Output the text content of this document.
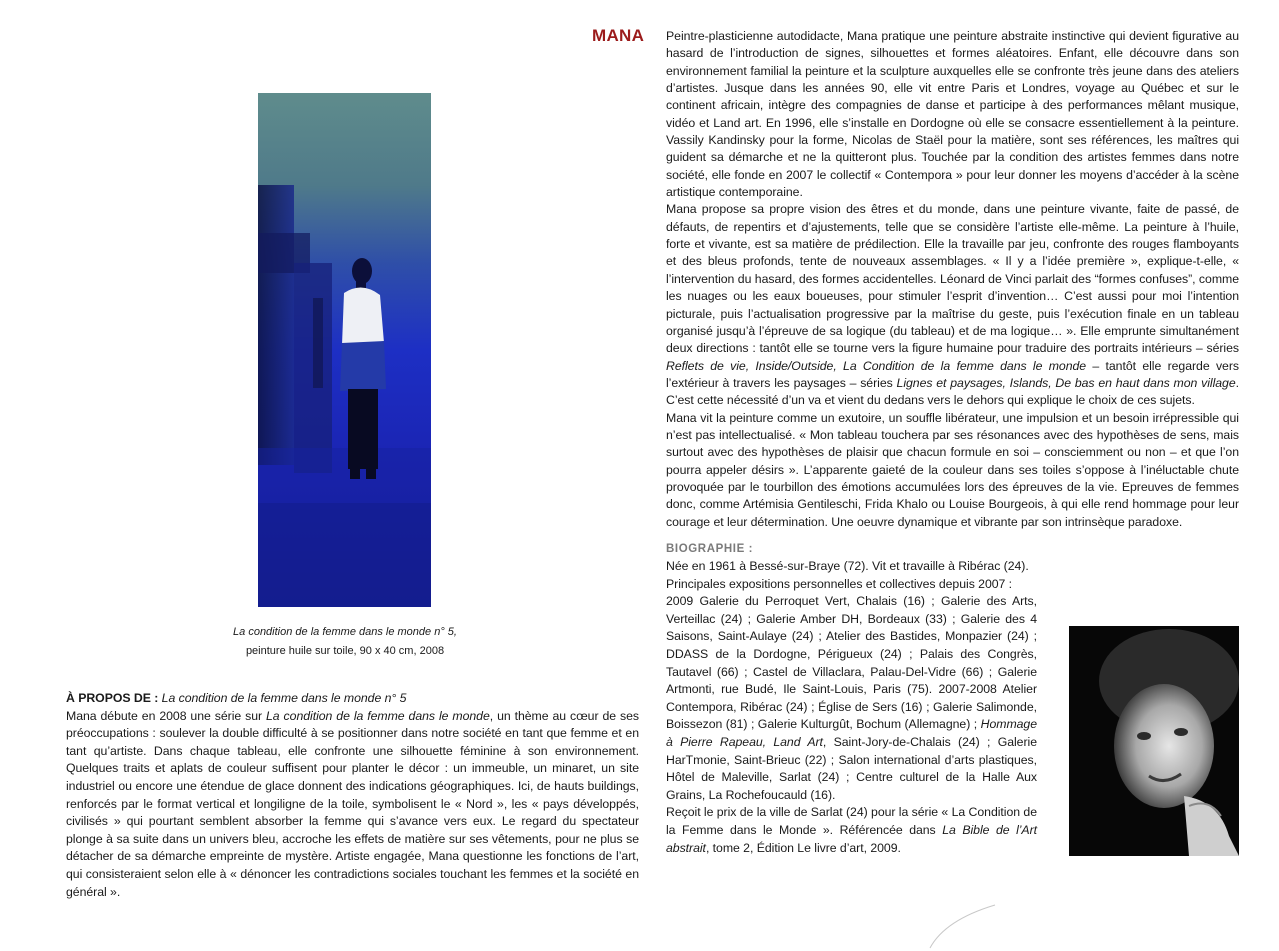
La condition de la femme dans le monde n° 5,
peinture huile sur toile, 90 x 40 cm, 2008
À PROPOS DE : La condition de la femme dans le monde n° 5
Mana débute en 2008 une série sur La condition de la femme dans le monde, un thème au cœur de ses préoccupations : soulever la double difficulté à se positionner dans notre société en tant que femme et en tant qu’artiste. Dans chaque tableau, elle confronte une silhouette féminine à son environnement. Quelques traits et aplats de couleur suffisent pour planter le décor : un immeuble, un minaret, un site industriel ou encore une étendue de glace donnent des indications géographiques. Ici, de hauts buildings, renforcés par le format vertical et longiligne de la toile, symbolisent le « Nord », les « pays développés, civilisés » qui pourtant semblent absorber la femme qui s’avance vers eux. Le regard du spectateur plonge à sa suite dans un univers bleu, accroche les effets de matière sur ses vêtements, pour ne plus se détacher de sa démarche empreinte de mystère. Artiste engagée, Mana questionne les fonctions de l’art, qui consisteraient selon elle à « dénoncer les contradictions sociales touchant les femmes et la société en général ».
MANA Peintre-plasticienne autodidacte, Mana pratique une peinture abstraite instinctive qui devient figurative au hasard de l’introduction de signes, silhouettes et formes aléatoires. Enfant, elle découvre dans son environnement familial la peinture et la sculpture auxquelles elle se confronte très jeune dans des ateliers d’artistes. Jusque dans les années 90, elle vit entre Paris et Londres, voyage au Québec et sur le continent africain, intègre des compagnies de danse et participe à des performances mêlant musique, vidéo et Land art. En 1996, elle s’installe en Dordogne où elle se consacre essentiellement à la peinture. Vassily Kandinsky pour la forme, Nicolas de Staël pour la matière, sont ses références, les maîtres qui guident sa démarche et ne la quitteront plus. Touchée par la condition des artistes femmes dans notre société, elle fonde en 2007 le collectif « Contempora » pour leur donner les moyens d’accéder à la scène artistique contemporaine.

Mana propose sa propre vision des êtres et du monde, dans une peinture vivante, faite de passé, de défauts, de repentirs et d’ajustements, telle que se considère l’artiste elle-même. La peinture à l’huile, forte et vivante, est sa matière de prédilection. Elle la travaille par jeu, confronte des rouges flamboyants et des bleus profonds, tente de nouveaux assemblages. « Il y a l’idée première », explique-t-elle, « l’intervention du hasard, des formes accidentelles. Léonard de Vinci parlait des “formes confuses”, comme les nuages ou les eaux boueuses, pour stimuler l’esprit d’invention… C’est aussi pour moi l’intention picturale, puis l’actualisation progressive par la maîtrise du geste, puis l’exécution finale en un tableau organisé jusqu’à l’épreuve de sa logique (du tableau) et de ma logique… ». Elle emprunte simultanément deux directions : tantôt elle se tourne vers la figure humaine pour traduire des portraits intérieurs – séries Reflets de vie, Inside/Outside, La Condition de la femme dans le monde – tantôt elle regarde vers l’extérieur à travers les paysages – séries Lignes et paysages, Islands, De bas en haut dans mon village. C’est cette nécessité d’un va et vient du dedans vers le dehors qui explique le choix de ces sujets.

Mana vit la peinture comme un exutoire, un souffle libérateur, une impulsion et un besoin irrépressible qui n’est pas intellectualisé. « Mon tableau touchera par ses résonances avec des hypothèses de sens, mais surtout avec des hypothèses de plaisir que chacun formule en soi – consciemment ou non – et que l’on pourra appeler désirs ». L’apparente gaieté de la couleur dans ses toiles s’oppose à l’inéluctable chute provoquée par le tourbillon des émotions accumulées lors des épreuves de la vie. Epreuves de femmes donc, comme Artémisia Gentileschi, Frida Khalo ou Louise Bourgeois, à qui elle rend hommage pour leur courage et leur détermination. Une oeuvre dynamique et vibrante par son intrinsèque paradoxe.

BIOGRAPHIE :

Née en 1961 à Bessé-sur-Braye (72). Vit et travaille à Ribérac (24).

Principales expositions personnelles et collectives depuis 2007 :

2009 Galerie du Perroquet Vert, Chalais (16) ; Galerie des Arts, Verteillac (24) ; Galerie Amber DH, Bordeaux (33) ; Galerie des 4 Saisons, Saint-Aulaye (24) ; Atelier des Bastides, Monpazier (24) ; DDASS de la Dordogne, Périgueux (24) ; Palais des Congrès, Tautavel (66) ; Castel de Villaclara, Palau-Del-Vidre (66) ; Galerie Artmonti, rue Budé, Ile Saint-Louis, Paris (75). 2007-2008 Atelier Contempora, Ribérac (24) ; Église de Sers (16) ; Galerie Salimonde, Boissezon (81) ; Galerie Kulturgût, Bochum (Allemagne) ; Hommage à Pierre Rapeau, Land Art, Saint-Jory-de-Chalais (24) ; Galerie HarTmonie, Saint-Brieuc (22) ; Salon international d’arts plastiques, Hôtel de Maleville, Sarlat (24) ; Centre culturel de la Halle Aux Grains, La Rochefoucauld (16).

Reçoit le prix de la ville de Sarlat (24) pour la série « La Condition de la Femme dans le Monde ». Référencée dans La Bible de l’Art abstrait, tome 2, Édition Le livre d’art, 2009.
